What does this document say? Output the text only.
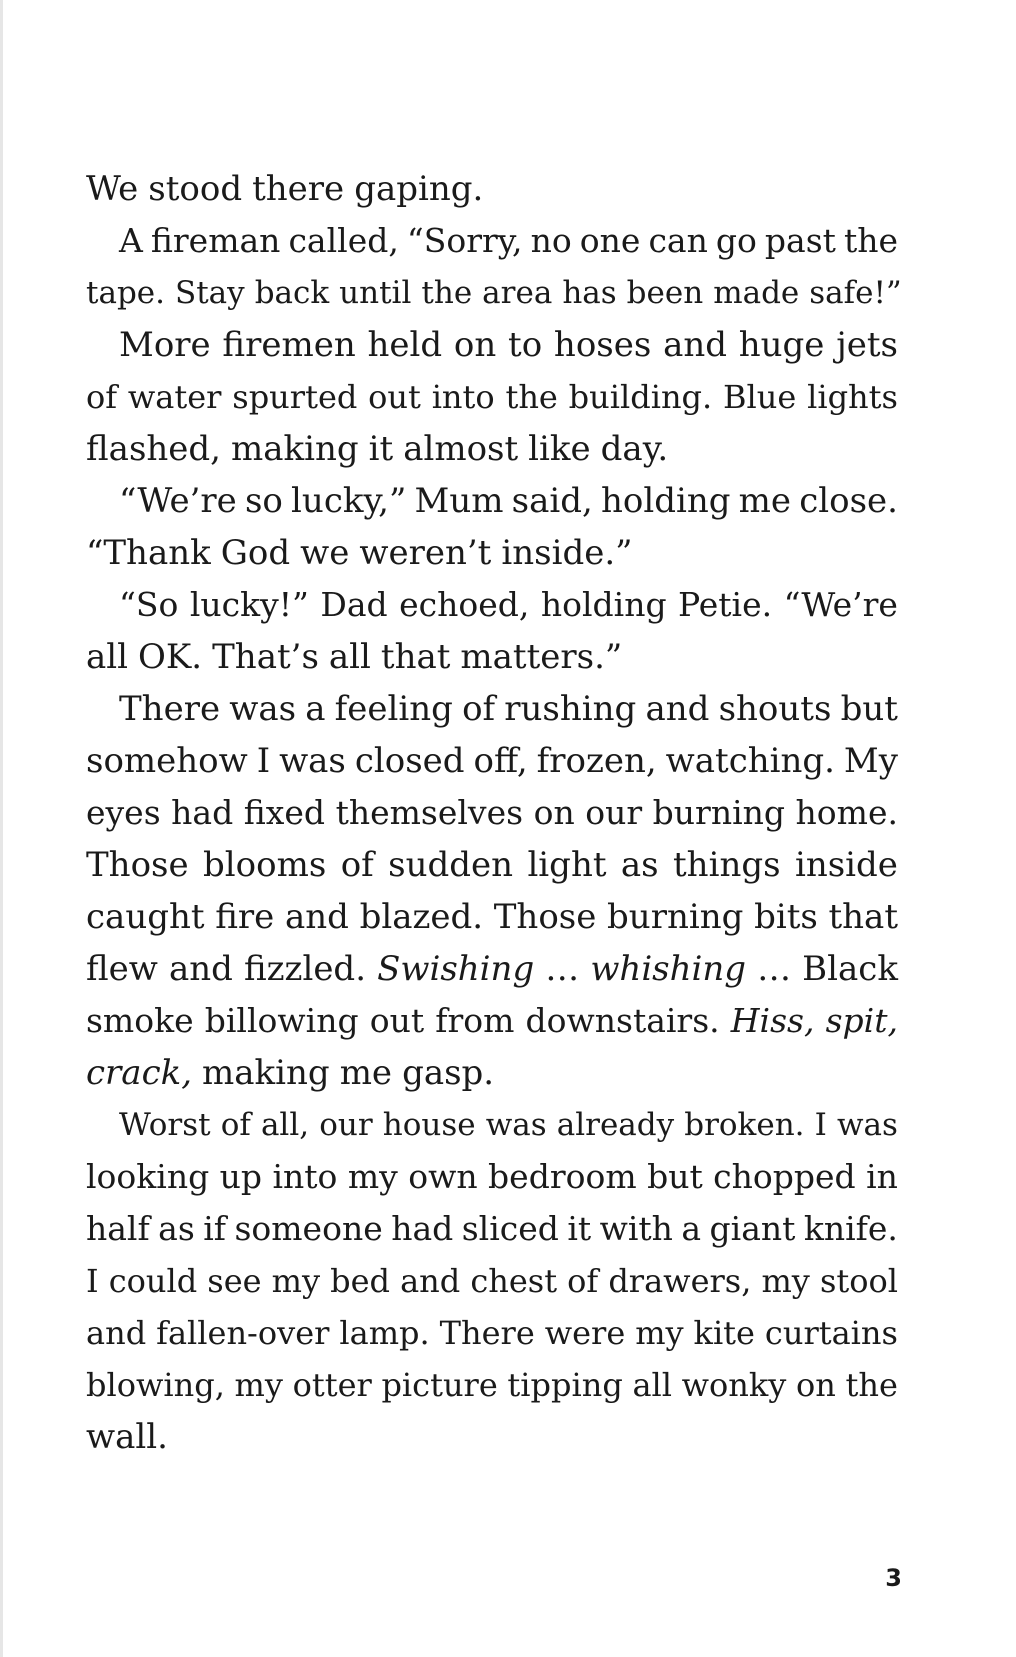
We stood there gaping.
A fireman called, “Sorry, no one can go past the
tape. Stay back until the area has been made safe!”
More firemen held on to hoses and huge jets
of water spurted out into the building. Blue lights
flashed, making it almost like day.
“We’re so lucky,” Mum said, holding me close.
“Thank God we weren’t inside.”
“So lucky!” Dad echoed, holding Petie. “We’re
all OK. That’s all that matters.”
There was a feeling of rushing and shouts but
somehow I was closed off, frozen, watching. My
eyes had fixed themselves on our burning home.
Those blooms of sudden light as things inside
caught fire and blazed. Those burning bits that
flew and fizzled. Swishing … whishing … Black
smoke billowing out from downstairs. Hiss, spit,
crack, making me gasp.
Worst of all, our house was already broken. I was
looking up into my own bedroom but chopped in
half as if someone had sliced it with a giant knife.
I could see my bed and chest of drawers, my stool
and fallen-over lamp. There were my kite curtains
blowing, my otter picture tipping all wonky on the
wall.
3
